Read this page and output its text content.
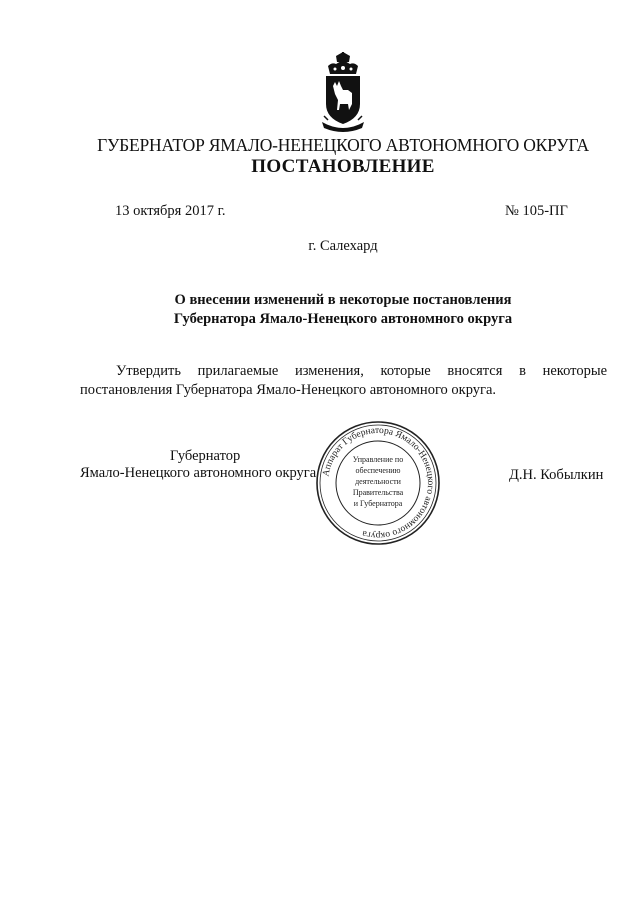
ГУБЕРНАТОР ЯМАЛО-НЕНЕЦКОГО АВТОНОМНОГО ОКРУГА
ПОСТАНОВЛЕНИЕ
13 октября 2017 г.	№ 105-ПГ
г. Салехард
О внесении изменений в некоторые постановления
Губернатора Ямало-Ненецкого автономного округа
Утвердить прилагаемые изменения, которые вносятся в некоторые
постановления Губернатора Ямало-Ненецкого автономного округа.
Губернатор
Ямало-Ненецкого автономного округа	Д.Н. Кобылкин
Аппарат Губернатора Ямало-Ненецкого автономного округа
Управление по
обеспечению
деятельности
Правительства
и Губернатора
